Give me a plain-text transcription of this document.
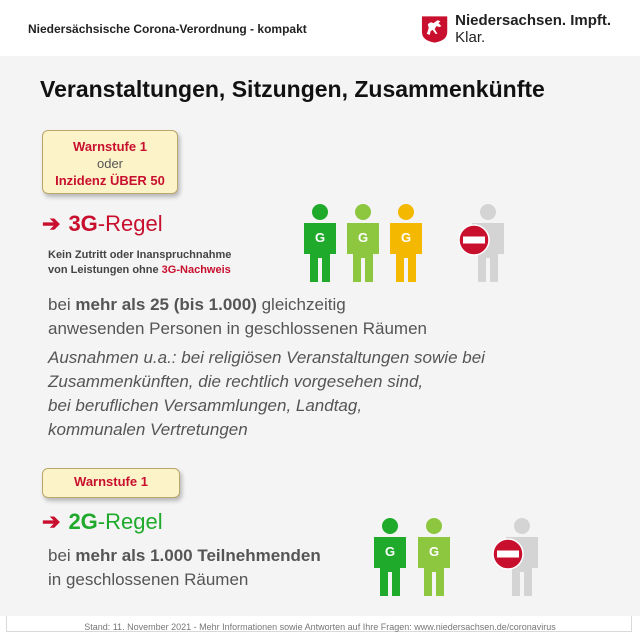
Niedersächsische Corona-Verordnung - kompakt	Niedersachsen. Impft. Klar.
Veranstaltungen, Sitzungen, Zusammenkünfte
Warnstufe 1
oder
Inzidenz ÜBER 50
➔ 3G -Regel
Kein Zutritt oder Inanspruchnahme
von Leistungen ohne 3G-Nachweis
G	G	G
bei mehr als 25 (bis 1.000) gleichzeitig
anwesenden Personen in geschlossenen Räumen
Ausnahmen u.a.: bei religiösen Veranstaltungen sowie bei
Zusammenkünften, die rechtlich vorgesehen sind,
bei beruflichen Versammlungen, Landtag,
kommunalen Vertretungen
Warnstufe 1
➔ 2G -Regel
bei mehr als 1.000 Teilnehmenden
in geschlossenen Räumen
G	G
Stand: 11. November 2021 - Mehr Informationen sowie Antworten auf Ihre Fragen: www.niedersachsen.de/coronavirus
